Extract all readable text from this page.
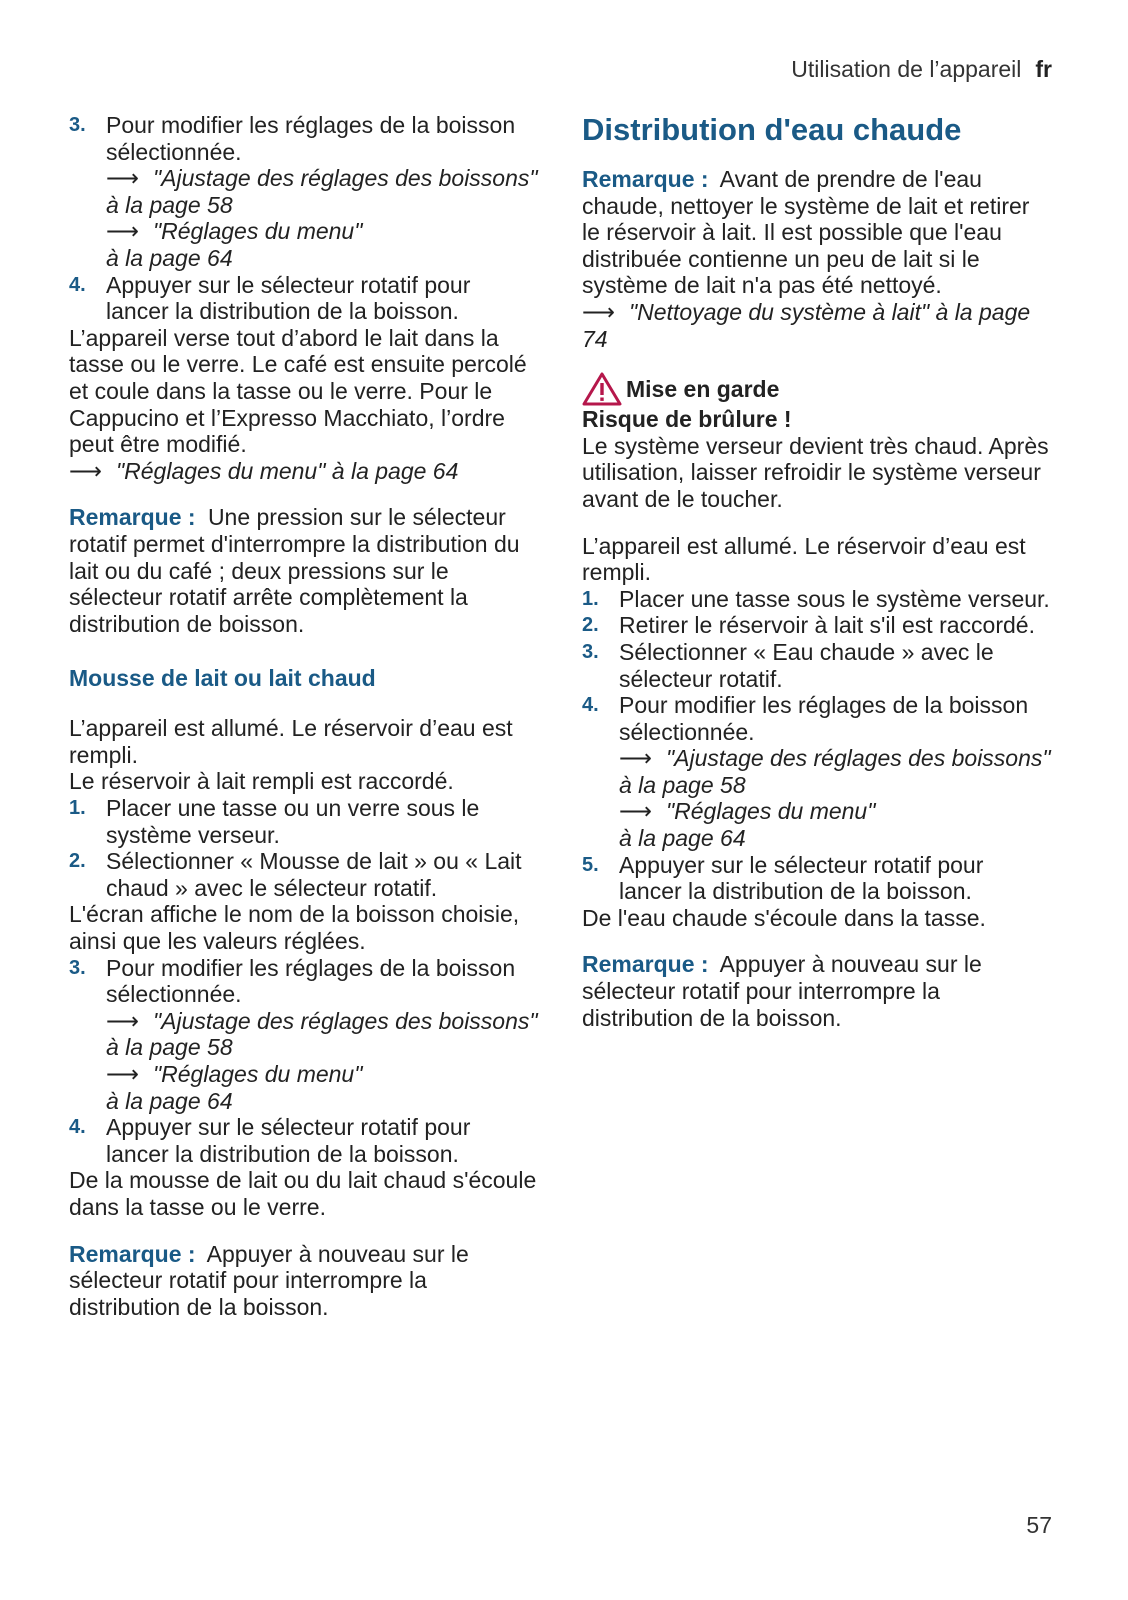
Utilisation de l’appareil fr
3. Pour modifier les réglages de la boisson sélectionnée.
⟶ "Ajustage des réglages des boissons" à la page 58
⟶ "Réglages du menu"
à la page 64
4. Appuyer sur le sélecteur rotatif pour lancer la distribution de la boisson.

L’appareil verse tout d’abord le lait dans la tasse ou le verre. Le café est ensuite percolé et coule dans la tasse ou le verre. Pour le Cappucino et l’Expresso Macchiato, l’ordre peut être modifié.
⟶ "Réglages du menu" à la page 64

Remarque : Une pression sur le sélecteur rotatif permet d'interrompre la distribution du lait ou du café ; deux pressions sur le sélecteur rotatif arrête complètement la distribution de boisson.

Mousse de lait ou lait chaud

L’appareil est allumé. Le réservoir d’eau est rempli.

Le réservoir à lait rempli est raccordé.

1. Placer une tasse ou un verre sous le système verseur.
2. Sélectionner « Mousse de lait » ou « Lait chaud » avec le sélecteur rotatif.

L'écran affiche le nom de la boisson choisie, ainsi que les valeurs réglées.

3. Pour modifier les réglages de la boisson sélectionnée.
⟶ "Ajustage des réglages des boissons" à la page 58
⟶ "Réglages du menu"
à la page 64
4. Appuyer sur le sélecteur rotatif pour lancer la distribution de la boisson.

De la mousse de lait ou du lait chaud s'écoule dans la tasse ou le verre.

Remarque : Appuyer à nouveau sur le sélecteur rotatif pour interrompre la distribution de la boisson.

Distribution d'eau chaude

Remarque : Avant de prendre de l'eau chaude, nettoyer le système de lait et retirer le réservoir à lait. Il est possible que l'eau distribuée contienne un peu de lait si le système de lait n'a pas été nettoyé. ⟶ "Nettoyage du système à lait" à la page 74

Mise en garde

Risque de brûlure !

Le système verseur devient très chaud. Après utilisation, laisser refroidir le système verseur avant de le toucher.

L’appareil est allumé. Le réservoir d’eau est rempli.

1. Placer une tasse sous le système verseur.
2. Retirer le réservoir à lait s'il est raccordé.
3. Sélectionner « Eau chaude » avec le sélecteur rotatif.
4. Pour modifier les réglages de la boisson sélectionnée.
⟶ "Ajustage des réglages des boissons" à la page 58
⟶ "Réglages du menu"
à la page 64
5. Appuyer sur le sélecteur rotatif pour lancer la distribution de la boisson.

De l'eau chaude s'écoule dans la tasse.

Remarque : Appuyer à nouveau sur le sélecteur rotatif pour interrompre la distribution de la boisson.

57
